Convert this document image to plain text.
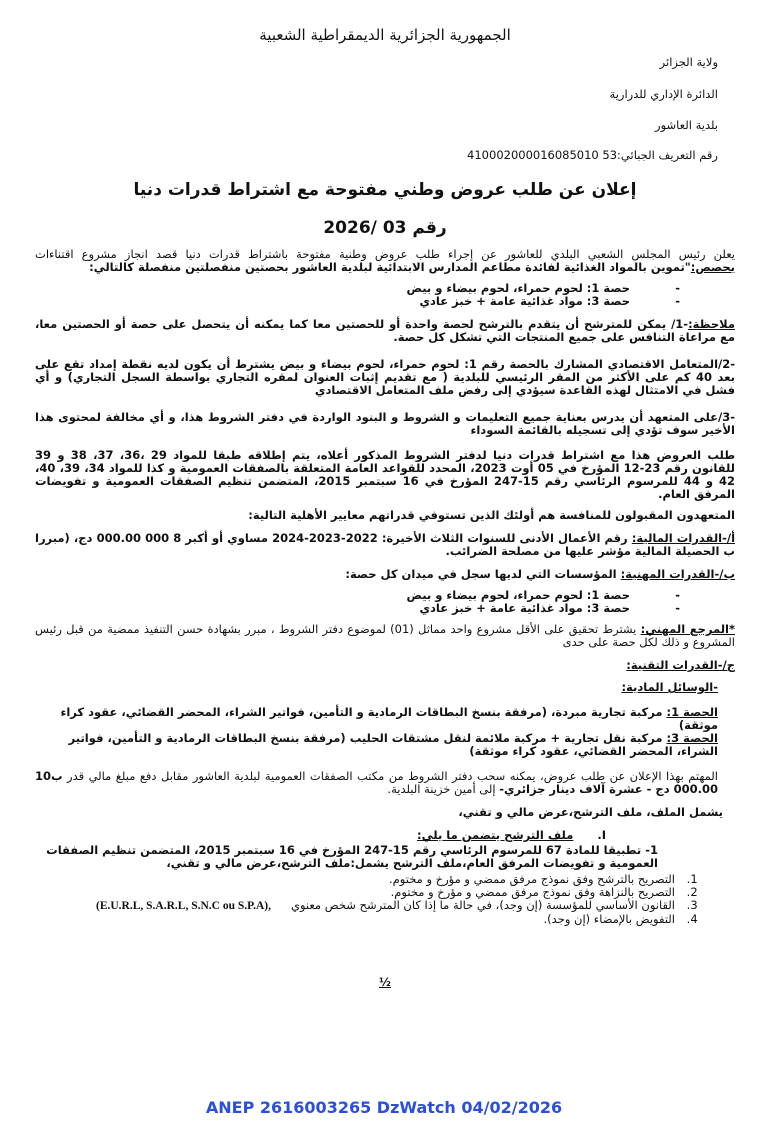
الجمهورية الجزائرية الديمقراطية الشعبية
ولاية الجزائر
الدائرة الإداري للدرارية
بلدية العاشور
رقم التعريف الجبائي:410002000016085010 53
إعلان عن طلب عروض وطني مفتوحة مع اشتراط قدرات دنيا
رقم 03 /2026
يعلن رئيس المجلس الشعبي البلدي للعاشور عن إجراء طلب عروض وطنية مفتوحة باشتراط قدرات دنيا قصد انجاز مشروع اقتناءات بحصص:"تموين بالمواد الغذائية لفائدة مطاعم المدارس الابتدائية لبلدية العاشور بحصتين منفصلتين منفصلة كالتالي:
- حصة 1: لحوم حمراء، لحوم بيضاء و بيض
- حصة 3: مواد غذائية عامة + خبز عادي
ملاحظة:-1/ يمكن للمترشح أن يتقدم بالترشح لحصة واحدة أو للحصتين معا كما يمكنه أن يتحصل على حصة أو الحصتين معا، مع مراعاة التنافس على جميع المنتجات التي تشكل كل حصة.
-2/المتعامل الاقتصادي المشارك بالحصة رقم 1: لحوم حمراء، لحوم بيضاء و بيض يشترط أن يكون لديه نقطة إمداد تقع على بعد 40 كم على الأكثر من المقر الرئيسي للبلدية ( مع تقديم إثبات العنوان لمقره التجاري بواسطة السجل التجاري) و أي فشل في الامتثال لهذه القاعدة سيؤدي إلى رفض ملف المتعامل الاقتصادي
-3/على المتعهد أن يدرس بعناية جميع التعليمات و الشروط و البنود الواردة في دفتر الشروط هذا، و أي مخالفة لمحتوى هذا الأخير سوف تؤدي إلى تسجيله بالقائمة السوداء
طلب العروض هذا مع اشتراط قدرات دنيا لدفتر الشروط المذكور أعلاه، يتم إطلاقه طبقا للمواد 29 ،36، 37، 38 و 39 للقانون رقم 23-12 المؤرخ في 05 أوت 2023، المحدد للقواعد العامة المتعلقة بالصفقات العمومية و كذا للمواد 34، 39، 40، 42 و 44 للمرسوم الرئاسي رقم 15-247 المؤرخ في 16 سبتمبر 2015، المتضمن تنظيم الصفقات العمومية و تفويضات المرفق العام.
المتعهدون المقبولون للمنافسة هم أولئك الذين تستوفي قدراتهم معايير الأهلية التالية:
أ/-القدرات المالية: رقم الأعمال الأدنى للسنوات الثلاث الأخيرة: 2022-2023-2024 مساوي أو أكبر 8 000 000.00 دج، (مبررا ب الحصيلة المالية مؤشر عليها من مصلحة الضرائب.
ب/-القدرات المهنية: المؤسسات التي لديها سجل في ميدان كل حصة:
- حصة 1: لحوم حمراء، لحوم بيضاء و بيض
- حصة 3: مواد غذائية عامة + خبز عادي
*المرجع المهني: يشترط تحقيق على الأقل مشروع واحد مماثل (01) لموضوع دفتر الشروط ، مبرر بشهادة حسن التنفيذ ممضية من قبل رئيس المشروع و ذلك لكل حصة على حدى
ج/-القدرات التقنية:
-الوسائل المادية:
الحصة 1: مركبة تجارية مبردة، (مرفقة بنسخ البطاقات الرمادية و التأمين، فواتير الشراء، المحضر القضائي، عقود كراء موثقة)
الحصة 3: مركبة نقل تجارية + مركبة ملائمة لنقل مشتقات الحليب (مرفقة بنسخ البطاقات الرمادية و التأمين، فواتير الشراء، المحضر القضائي، عقود كراء موثقة)
المهتم بهذا الإعلان عن طلب عروض، يمكنه سحب دفتر الشروط من مكتب الصفقات العمومية لبلدية العاشور مقابل دفع مبلغ مالي قدر ب10 000.00 دج - عشرة آلاف دينار جزائري- إلى أمين خزينة البلدية.
يشمل الملف، ملف الترشح،عرض مالي و تقني،
I.ملف الترشح يتضمن ما يلي:
1- تطبيقا للمادة 67 للمرسوم الرئاسي رقم 15-247 المؤرخ في 16 سبتمبر 2015، المتضمن تنظيم الصفقات العمومية و تفويضات المرفق العام،ملف الترشح يشمل:ملف الترشح،عرض مالي و تقني،
1. التصريح بالترشح وفق نموذج مرفق ممضي و مؤرخ و مختوم.
2. التصريح بالنزاهة وفق نموذج مرفق ممضي و مؤرخ و مختوم.
3. القانون الأساسي للمؤسسة (إن وجد)، في حالة ما إذا كان المترشح شخص معنوي(E.U.R.L, S.A.R.L, S.N.C ou S.P.A),
4. التفويض بالإمضاء (إن وجد).
½
ANEP 2616003265 DzWatch 04/02/2026
